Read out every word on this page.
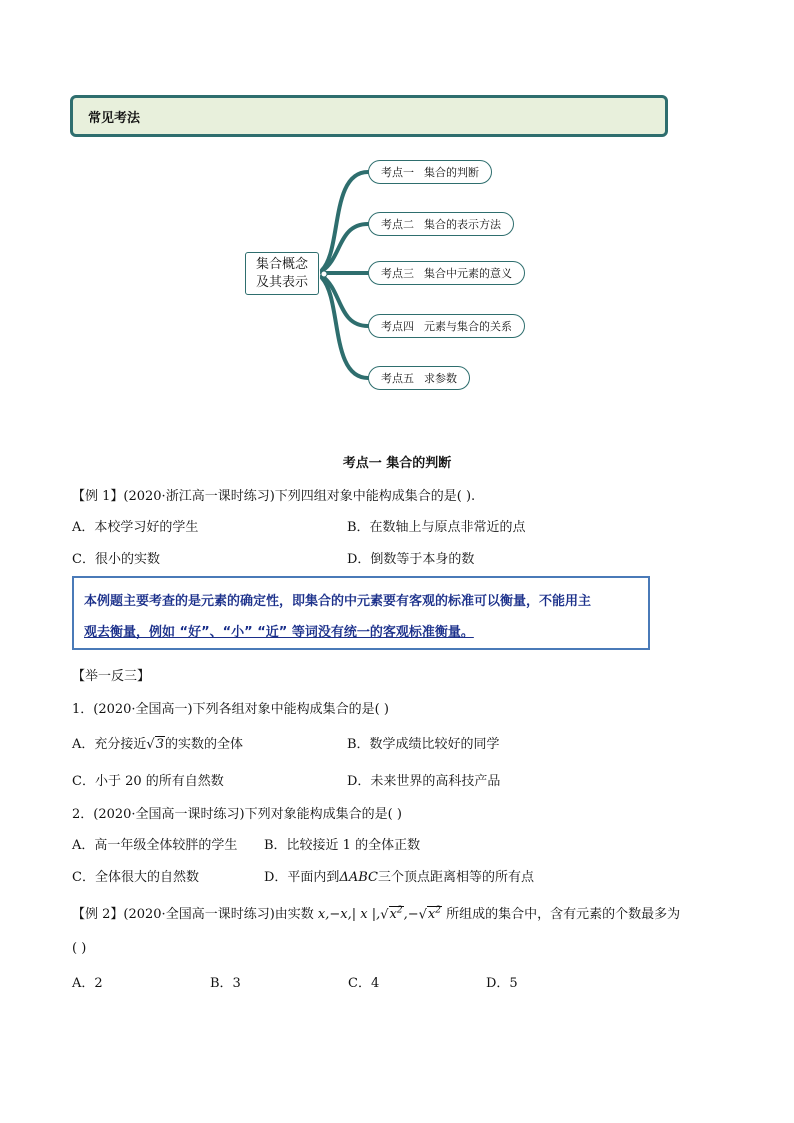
常见考法
集合概念
及其表示
考点一 集合的判断
考点二 集合的表示方法
考点三 集合中元素的意义
考点四 元素与集合的关系
考点五 求参数
考点一 集合的判断
【例 1】(2020·浙江高一课时练习)下列四组对象中能构成集合的是( ).
A．本校学习好的学生	B．在数轴上与原点非常近的点
C．很小的实数	D．倒数等于本身的数
本例题主要考查的是元素的确定性，即集合的中元素要有客观的标准可以衡量，不能用主
观去衡量，例如 “好”、“小” “近” 等词没有统一的客观标准衡量。
【举一反三】
1．(2020·全国高一)下列各组对象中能构成集合的是( )
A．充分接近√3的实数的全体	B．数学成绩比较好的同学
C．小于 20 的所有自然数	D．未来世界的高科技产品
2．(2020·全国高一课时练习)下列对象能构成集合的是( )
A．高一年级全体较胖的学生 B．比较接近 1 的全体正数
C．全体很大的自然数	D．平面内到ΔABC三个顶点距离相等的所有点
【例 2】(2020·全国高一课时练习)由实数 x,−x,| x $|,√x^2,-√x^2$ 所组成的集合中，含有元素的个数最多为
( )
A．2	B．3	C．4	D．5
